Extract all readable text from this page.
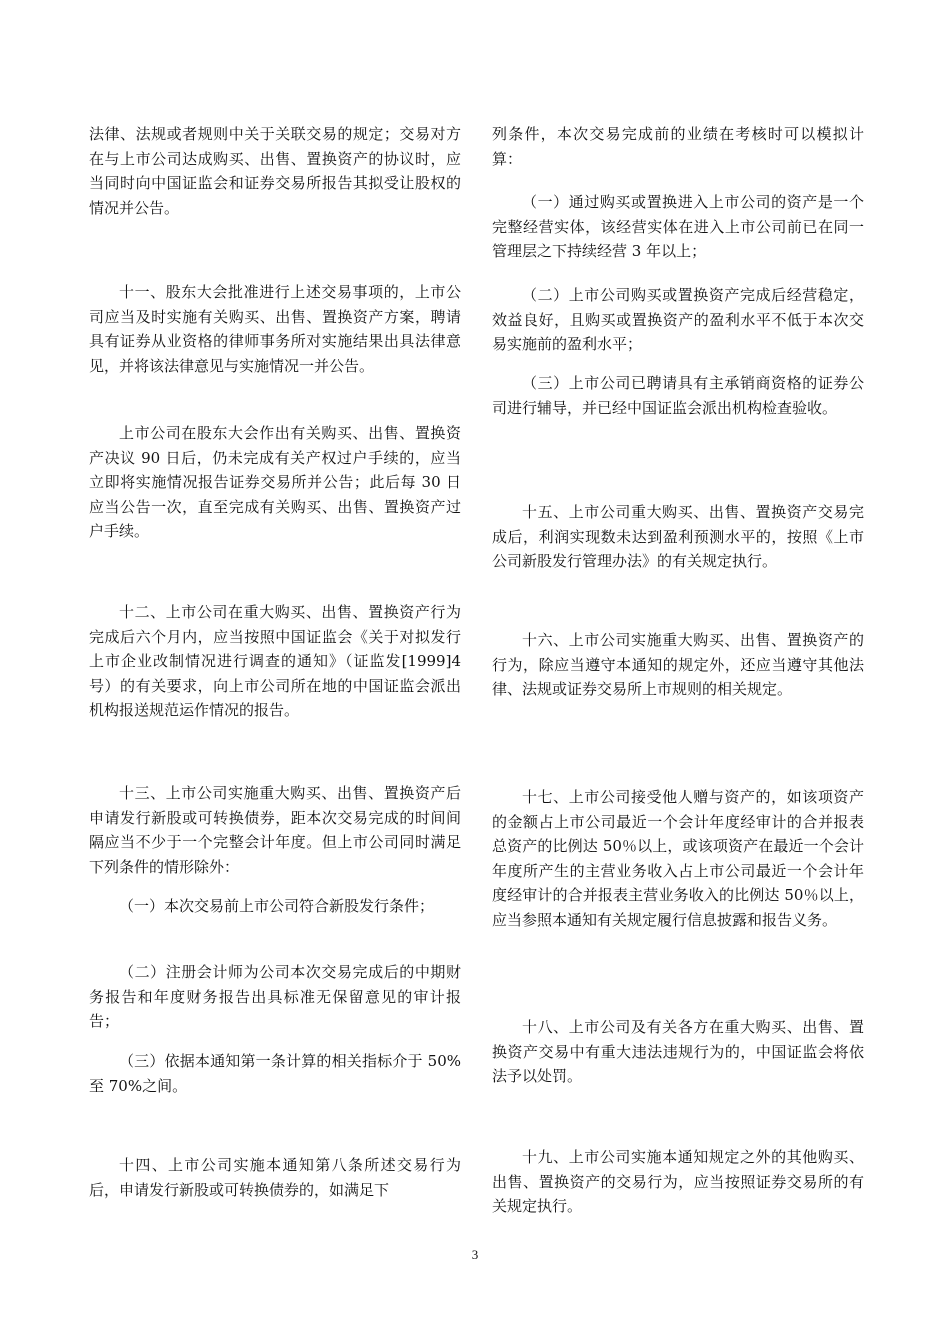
法律、法规或者规则中关于关联交易的规定；交易对方在与上市公司达成购买、出售、置换资产的协议时，应当同时向中国证监会和证券交易所报告其拟受让股权的情况并公告。

十一、股东大会批准进行上述交易事项的，上市公司应当及时实施有关购买、出售、置换资产方案，聘请具有证券从业资格的律师事务所对实施结果出具法律意见，并将该法律意见与实施情况一并公告。

上市公司在股东大会作出有关购买、出售、置换资产决议 90 日后，仍未完成有关产权过户手续的，应当立即将实施情况报告证券交易所并公告；此后每 30 日应当公告一次，直至完成有关购买、出售、置换资产过户手续。

十二、上市公司在重大购买、出售、置换资产行为完成后六个月内，应当按照中国证监会《关于对拟发行上市企业改制情况进行调查的通知》（证监发[1999]4 号）的有关要求，向上市公司所在地的中国证监会派出机构报送规范运作情况的报告。

十三、上市公司实施重大购买、出售、置换资产后申请发行新股或可转换债券，距本次交易完成的时间间隔应当不少于一个完整会计年度。但上市公司同时满足下列条件的情形除外：

（一）本次交易前上市公司符合新股发行条件；

（二）注册会计师为公司本次交易完成后的中期财务报告和年度财务报告出具标准无保留意见的审计报告；

（三）依据本通知第一条计算的相关指标介于 50%至 70%之间。

十四、上市公司实施本通知第八条所述交易行为后，申请发行新股或可转换债券的，如满足下

列条件，本次交易完成前的业绩在考核时可以模拟计算：

（一）通过购买或置换进入上市公司的资产是一个完整经营实体，该经营实体在进入上市公司前已在同一管理层之下持续经营 3 年以上；

（二）上市公司购买或置换资产完成后经营稳定，效益良好，且购买或置换资产的盈利水平不低于本次交易实施前的盈利水平；

（三）上市公司已聘请具有主承销商资格的证券公司进行辅导，并已经中国证监会派出机构检查验收。

十五、上市公司重大购买、出售、置换资产交易完成后，利润实现数未达到盈利预测水平的，按照《上市公司新股发行管理办法》的有关规定执行。

十六、上市公司实施重大购买、出售、置换资产的行为，除应当遵守本通知的规定外，还应当遵守其他法律、法规或证券交易所上市规则的相关规定。

十七、上市公司接受他人赠与资产的，如该项资产的金额占上市公司最近一个会计年度经审计的合并报表总资产的比例达 50％以上，或该项资产在最近一个会计年度所产生的主营业务收入占上市公司最近一个会计年度经审计的合并报表主营业务收入的比例达 50％以上，应当参照本通知有关规定履行信息披露和报告义务。

十八、上市公司及有关各方在重大购买、出售、置换资产交易中有重大违法违规行为的，中国证监会将依法予以处罚。

十九、上市公司实施本通知规定之外的其他购买、出售、置换资产的交易行为，应当按照证券交易所的有关规定执行。

3
